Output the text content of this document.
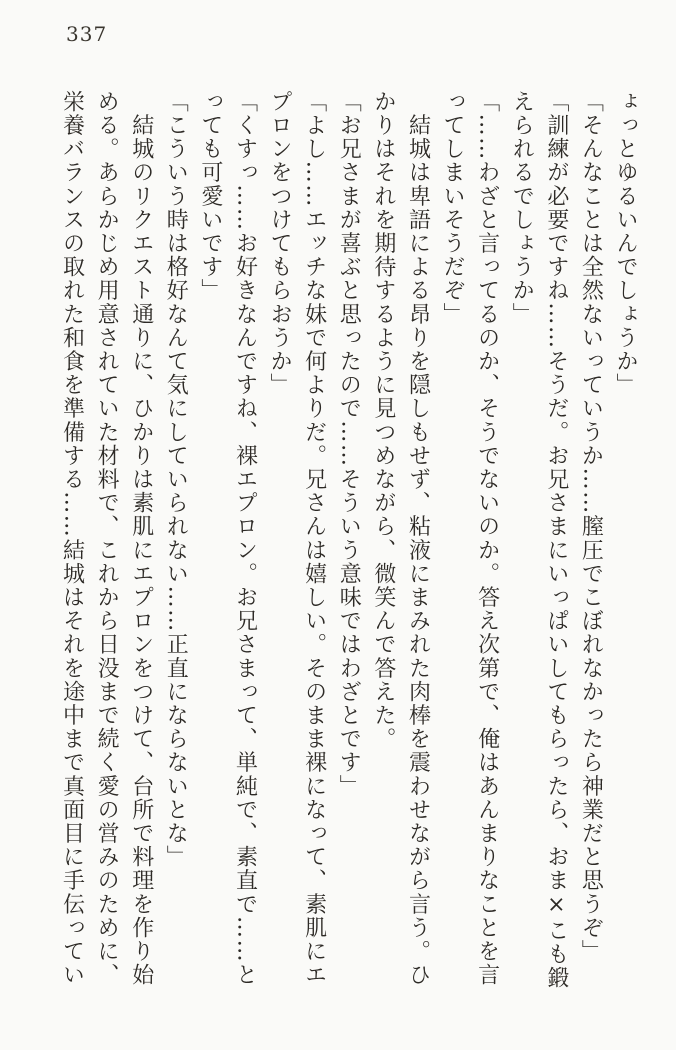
337
ょっとゆるいんでしょうか」
「そんなことは全然ないっていうか……膣圧でこぼれなかったら神業だと思うぞ」
「訓練が必要ですね……そうだ。お兄さまにいっぱいしてもらったら、おま×こも鍛
えられるでしょうか」
「……わざと言ってるのか、そうでないのか。答え次第で、俺はあんまりなことを言
ってしまいそうだぞ」
　結城は卑語による昂りを隠しもせず、粘液にまみれた肉棒を震わせながら言う。ひ
かりはそれを期待するように見つめながら、微笑んで答えた。
「お兄さまが喜ぶと思ったので……そういう意味ではわざとです」
「よし……エッチな妹で何よりだ。兄さんは嬉しい。そのまま裸になって、素肌にエ
プロンをつけてもらおうか」
「くすっ……お好きなんですね、裸エプロン。お兄さまって、単純で、素直で……と
っても可愛いです」
「こういう時は格好なんて気にしていられない……正直にならないとな」
　結城のリクエスト通りに、ひかりは素肌にエプロンをつけて、台所で料理を作り始
める。あらかじめ用意されていた材料で、これから日没まで続く愛の営みのために、
栄養バランスの取れた和食を準備する……結城はそれを途中まで真面目に手伝ってい
